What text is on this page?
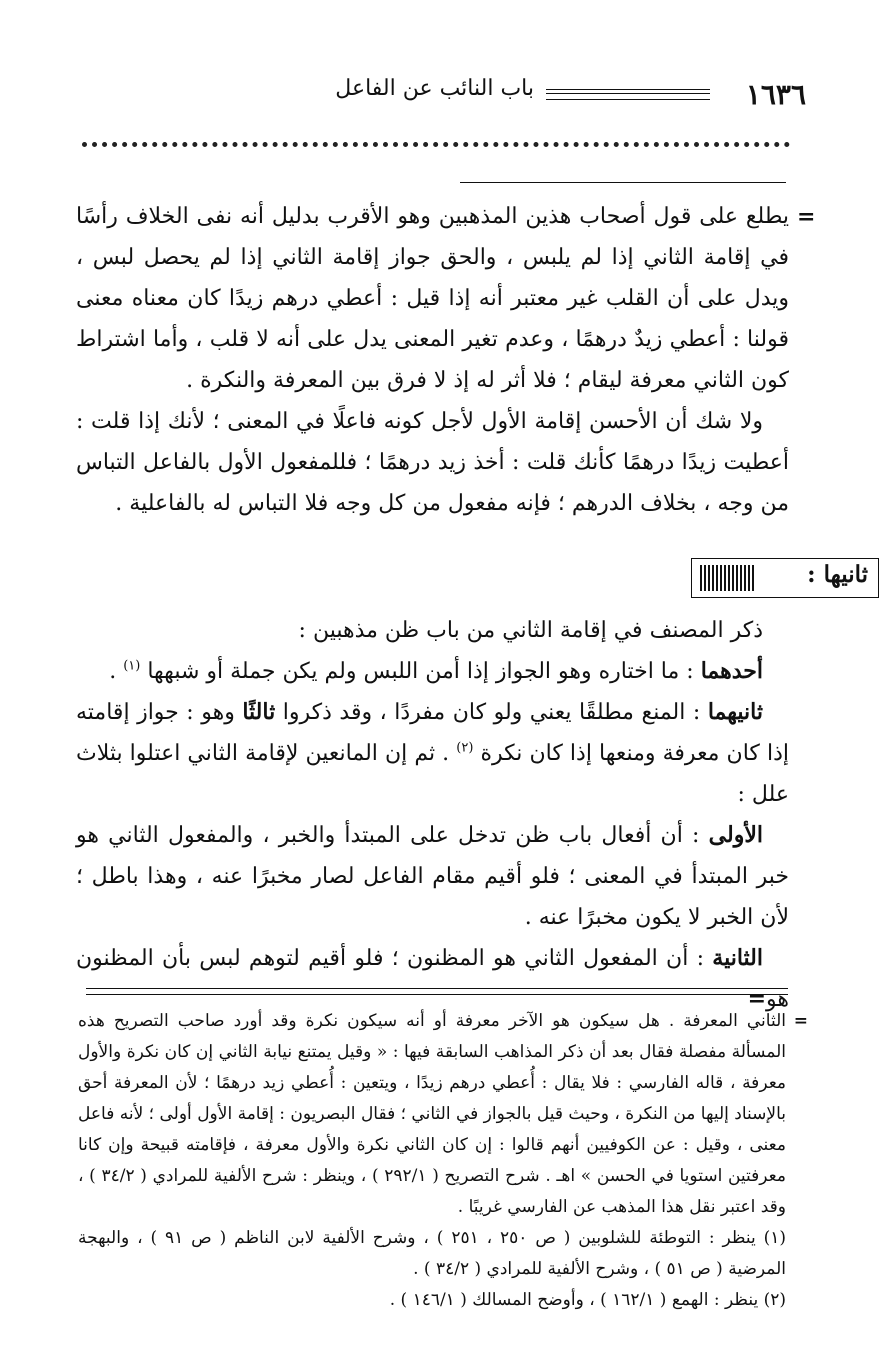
١٦٣٦
باب النائب عن الفاعل
=

يطلع على قول أصحاب هذين المذهبين وهو الأقرب بدليل أنه نفى الخلاف رأسًا في إقامة الثاني إذا لم يلبس ، والحق جواز إقامة الثاني إذا لم يحصل لبس ، ويدل على أن القلب غير معتبر أنه إذا قيل : أعطي درهم زيدًا كان معناه معنى قولنا : أعطي زيدٌ درهمًا ، وعدم تغير المعنى يدل على أنه لا قلب ، وأما اشتراط كون الثاني معرفة ليقام ؛ فلا أثر له إذ لا فرق بين المعرفة والنكرة .

ولا شك أن الأحسن إقامة الأول لأجل كونه فاعلًا في المعنى ؛ لأنك إذا قلت : أعطيت زيدًا درهمًا كأنك قلت : أخذ زيد درهمًا ؛ فللمفعول الأول بالفاعل التباس من وجه ، بخلاف الدرهم ؛ فإنه مفعول من كل وجه فلا التباس له بالفاعلية .

ثانيها :

ذكر المصنف في إقامة الثاني من باب ظن مذهبين :

أحدهما : ما اختاره وهو الجواز إذا أمن اللبس ولم يكن جملة أو شبهها $^{(١)}$ .

ثانيهما : المنع مطلقًا يعني ولو كان مفردًا ، وقد ذكروا ثالثًا وهو : جواز إقامته إذا كان معرفة ومنعها إذا كان نكرة $^{(٢)}$ . ثم إن المانعين لإقامة الثاني اعتلوا بثلاث علل :

الأولى : أن أفعال باب ظن تدخل على المبتدأ والخبر ، والمفعول الثاني هو خبر المبتدأ في المعنى ؛ فلو أقيم مقام الفاعل لصار مخبرًا عنه ، وهذا باطل ؛ لأن الخبر لا يكون مخبرًا عنه .

الثانية : أن المفعول الثاني هو المظنون ؛ فلو أقيم لتوهم لبس بأن المظنون هو=

=

الثاني المعرفة . هل سيكون هو الآخر معرفة أو أنه سيكون نكرة وقد أورد صاحب التصريح هذه المسألة مفصلة فقال بعد أن ذكر المذاهب السابقة فيها : « وقيل يمتنع نيابة الثاني إن كان نكرة والأول معرفة ، قاله الفارسي : فلا يقال : أُعطي درهم زيدًا ، ويتعين : أُعطي زيد درهمًا ؛ لأن المعرفة أحق بالإسناد إليها من النكرة ، وحيث قيل بالجواز في الثاني ؛ فقال البصريون : إقامة الأول أولى ؛ لأنه فاعل معنى ، وقيل : عن الكوفيين أنهم قالوا : إن كان الثاني نكرة والأول معرفة ، فإقامته قبيحة وإن كانا معرفتين استويا في الحسن » اهـ . شرح التصريح ( ٢٩٢/١ ) ، وينظر : شرح الألفية للمرادي ( ٣٤/٢ ) ، وقد اعتبر نقل هذا المذهب عن الفارسي غريبًا .

(١) ينظر : التوطئة للشلوبين ( ص ٢٥٠ ، ٢٥١ ) ، وشرح الألفية لابن الناظم ( ص ٩١ ) ، والبهجة المرضية ( ص ٥١ ) ، وشرح الألفية للمرادي ( ٣٤/٢ ) .

(٢) ينظر : الهمع ( ١٦٢/١ ) ، وأوضح المسالك ( ١٤٦/١ ) .
